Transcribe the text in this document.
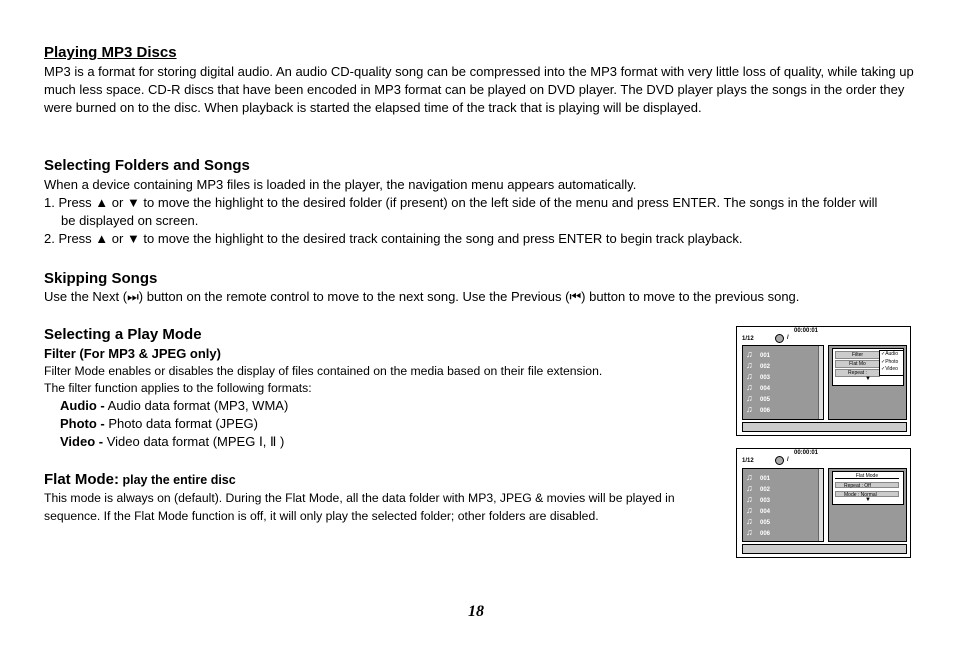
Playing MP3 Discs
MP3 is a format for storing digital audio. An audio CD-quality song can be compressed into the MP3 format with very little loss of quality, while taking up much less space. CD-R discs that have been encoded in MP3 format can be played on DVD player. The DVD player plays the songs in the order they were burned on to the disc. When playback is started the elapsed time of the track that is playing will be displayed.
Selecting Folders and Songs
When a device containing MP3 files is loaded in the player, the navigation menu appears automatically.
1. Press ▲ or ▼ to move the highlight to the desired folder (if present) on the left side of the menu and press ENTER. The songs in the folder will
be displayed on screen.
2. Press ▲ or ▼ to move the highlight to the desired track containing the song and press ENTER to begin track playback.
Skipping Songs
Use the Next (⏭) button on the remote control to move to the next song. Use the Previous (⏮) button to move to the previous song.
Selecting a Play Mode
Filter (For MP3 & JPEG only)
Filter Mode enables or disables the display of files contained on the media based on their file extension.
The filter function applies to the following formats:
Audio - Audio data format (MP3, WMA)
Photo - Photo data format (JPEG)
Video - Video data format (MPEG Ⅰ, Ⅱ )
Flat Mode: play the entire disc
This mode is always on (default). During the Flat Mode, all the data folder with MP3, JPEG & movies will be played in sequence. If the Flat Mode function is off, it will only play the selected folder; other folders are disabled.
00:00:01
1/12	/
♫ 001
♫ 002
♫ 003
♫ 004
♫ 005
♫ 006
Filter
Flat Mo
Repeat :
✓Audio
✓Photo
✓Video
▼
00:00:01
1/12	/
♫ 001
♫ 002
♫ 003
♫ 004
♫ 005
♫ 006
Flat Mode
Repeat : Off
Mode : Normal
▼
18
